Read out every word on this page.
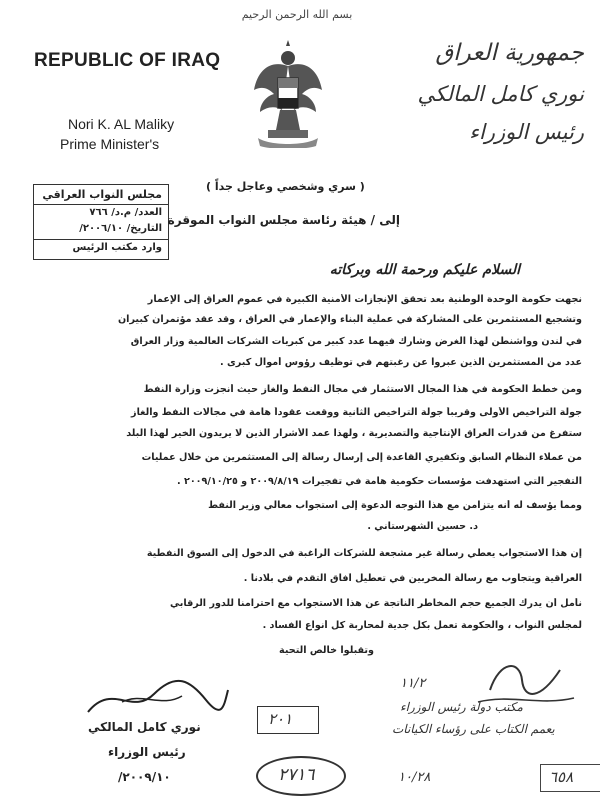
بسم الله الرحمن الرحيم
REPUBLIC OF IRAQ
Nori K. AL Maliky
Prime Minister's
جمهورية العراق
نوري كامل المالكي
رئيس الوزراء
مجلس النواب العراقي
العدد/ م.د/ ٧٦٦
التاريخ/ ٢٠٠٦/١٠/
وارد مكتب الرئيس
( سري وشخصي وعاجل جداً )
إلى / هيئة رئاسة مجلس النواب الموقرة
السلام عليكم ورحمة الله وبركاته
نجهت حكومة الوحدة الوطنية بعد تحقق الإنجازات الأمنية الكبيرة في عموم العراق إلى الإعمار
وتشجيع المستثمرين على المشاركة في عملية البناء والإعمار في العراق ، وقد عقد مؤتمران كبيران
في لندن وواشنطن لهذا الغرض وشارك فيهما عدد كبير من كبريات الشركات العالمية وزار العراق
عدد من المستثمرين الذين عبروا عن رغبتهم في توظيف رؤوس أموال كبرى .
ومن خطط الحكومة في هذا المجال الاستثمار في مجال النفط والغاز حيث أنجزت وزارة النفط
جولة التراخيص الأولى وقريباً جولة التراخيص الثانية ووقعت عقوداً هامة في مجالات النفط والغاز
ستفرغ من قدرات العراق الإنتاجية والتصديرية ، ولهذا عمد الأشرار الذين لا يريدون الخير لهذا البلد
من عملاء النظام السابق وتكفيري القاعدة إلى إرسال رسالة إلى المستثمرين من خلال عمليات
التفجير التي استهدفت مؤسسات حكومية هامة في تفجيرات ٢٠٠٩/٨/١٩ و ٢٠٠٩/١٠/٢٥ .
ومما يؤسف له أنه يتزامن مع هذا التوجه الدعوة إلى استجواب معالي وزير النفط
د. حسين الشهرستاني .
إن هذا الاستجواب يعطي رسالة غير مشجعة للشركات الراغبة في الدخول إلى السوق النفطية
العراقية ويتجاوب مع رسالة المخربين في تعطيل آفاق التقدم في بلادنا .
نأمل أن يدرك الجميع حجم المخاطر الناتجة عن هذا الاستجواب مع احترامنا للدور الرقابي
لمجلس النواب ، والحكومة تعمل بكل جدية لمحاربة كل أنواع الفساد .
وتقبلوا خالص التحية
نوري كامل المالكي
رئيس الوزراء
٢٠٠٩/١٠/
٢٠١
٢٧١٦	٦٥٨
مكتب دولة رئيس الوزراء
يعمم الكتاب على رؤساء الكيانات
١١/٢
١٠/٢٨
